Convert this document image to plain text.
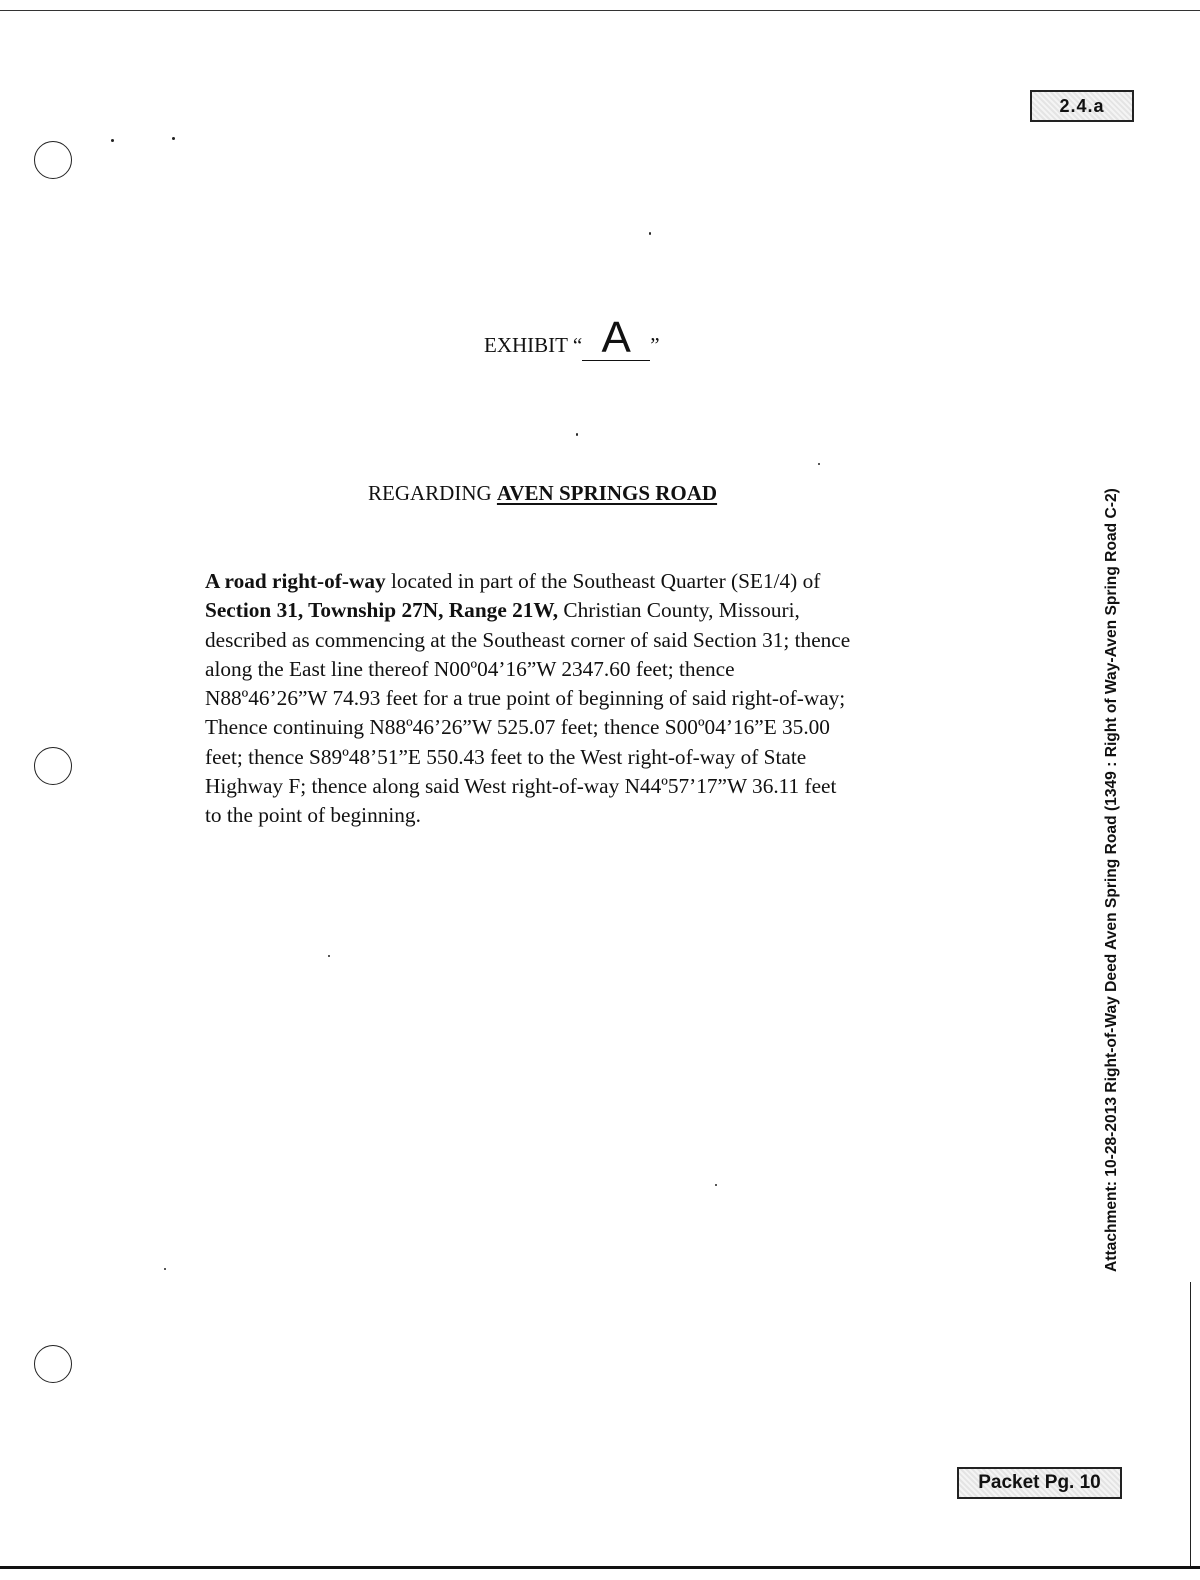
2.4.a
Packet Pg. 10
EXHIBIT “ A ”
REGARDING AVEN SPRINGS ROAD

A road right-of-way located in part of the Southeast Quarter (SE1/4) of
Section 31, Township 27N, Range 21W, Christian County, Missouri,
described as commencing at the Southeast corner of said Section 31; thence
along the East line thereof N00º04’16”W 2347.60 feet; thence
N88º46’26”W 74.93 feet for a true point of beginning of said right-of-way;
Thence continuing N88º46’26”W 525.07 feet; thence S00º04’16”E 35.00
feet; thence S89º48’51”E 550.43 feet to the West right-of-way of State
Highway F; thence along said West right-of-way N44º57’17”W 36.11 feet
to the point of beginning.	Attachment: 10-28-2013 Right-of-Way Deed Aven Spring Road (1349 : Right of Way-Aven Spring Road C-2)
